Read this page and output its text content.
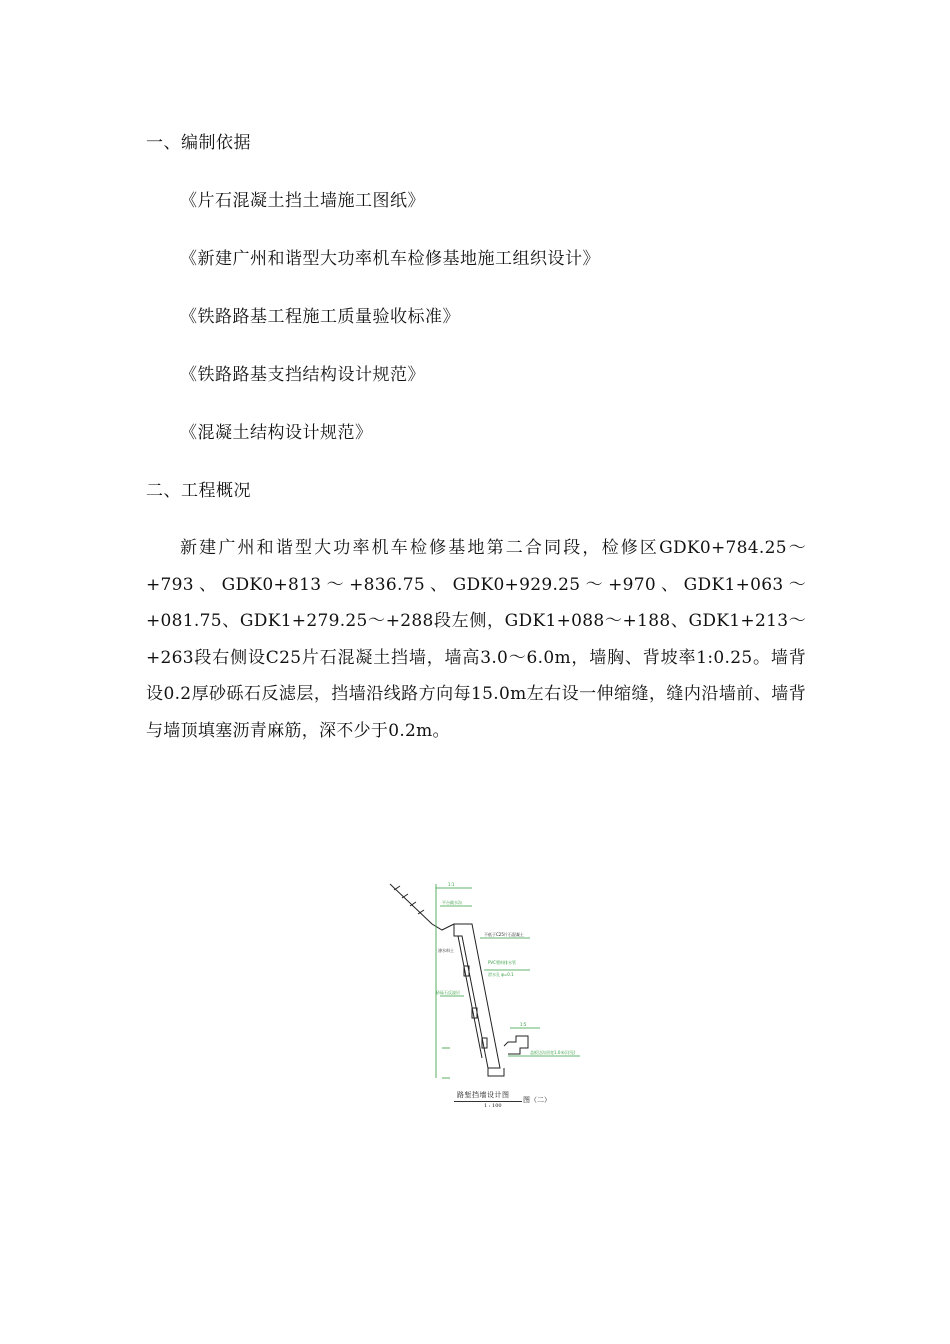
一、编制依据
《片石混凝土挡土墙施工图纸》
《新建广州和谐型大功率机车检修基地施工组织设计》
《铁路路基工程施工质量验收标准》
《铁路路基支挡结构设计规范》
《混凝土结构设计规范》
二、工程概况
新建广州和谐型大功率机车检修基地第二合同段，检修区GDK0+784.25～+793、GDK0+813～+836.75、GDK0+929.25～+970、GDK1+063～+081.75、GDK1+279.25～+288段左侧，GDK1+088～+188、GDK1+213～+263段右侧设C25片石混凝土挡墙，墙高3.0～6.0m，墙胸、背坡率1:0.25。墙背设0.2厚砂砾石反滤层，挡墙沿线路方向每15.0m左右设一伸缩缝，缝内沿墙前、墙背与墙顶填塞沥青麻筋，深不少于0.2m。
1:1
平台截水沟
PVC塑料排水管
泄水孔 φ=0.1
砂砾石反滤层
1:5
盖板边沟顶宽1.0米(详见)
不低于C25片石混凝土
渗水料土
路堑挡墙设计图
1 : 100
图（二）
